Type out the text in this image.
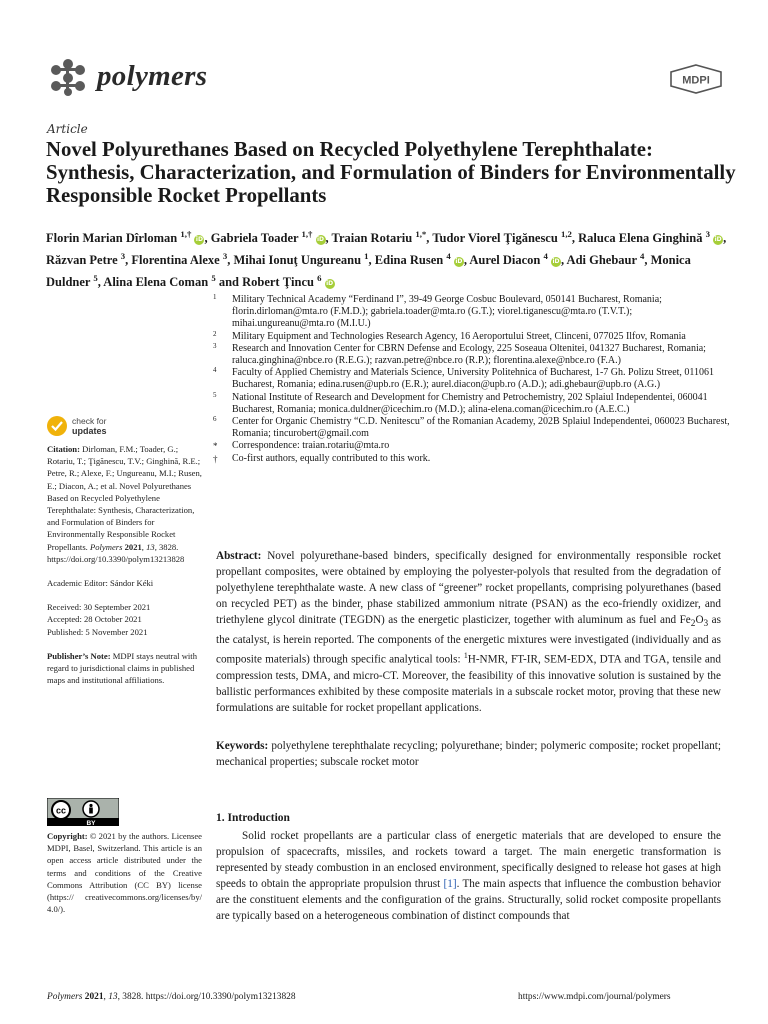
polymers	MDPI
Article
Novel Polyurethanes Based on Recycled Polyethylene Terephthalate: Synthesis, Characterization, and Formulation of Binders for Environmentally Responsible Rocket Propellants
Florin Marian Dîrloman $^{1,\dagger}$ iD, Gabriela Toader $^{1,\dagger}$ iD, Traian Rotariu $^{1,*}$, Tudor Viorel Ţigănescu $^{1,2}$, Raluca Elena Ginghină $^3$ iD, Răzvan Petre $^3$, Florentina Alexe $^3$, Mihai Ionuţ Ungureanu $^1$, Edina Rusen $^4$ iD, Aurel Diacon $^4$ iD, Adi Ghebaur $^4$, Monica Duldner $^5$, Alina Elena Coman $^5$ and Robert Ţincu $^6$ iD
1 Military Technical Academy “Ferdinand I”, 39-49 George Cosbuc Boulevard, 050141 Bucharest, Romania; florin.dirloman@mta.ro (F.M.D.); gabriela.toader@mta.ro (G.T.); viorel.tiganescu@mta.ro (T.V.T.); mihai.ungureanu@mta.ro (M.I.U.)
2 Military Equipment and Technologies Research Agency, 16 Aeroportului Street, Clinceni, 077025 Ilfov, Romania
3 Research and Innovation Center for CBRN Defense and Ecology, 225 Soseaua Oltenitei, 041327 Bucharest, Romania; raluca.ginghina@nbce.ro (R.E.G.); razvan.petre@nbce.ro (R.P.); florentina.alexe@nbce.ro (F.A.)
4 Faculty of Applied Chemistry and Materials Science, University Politehnica of Bucharest, 1-7 Gh. Polizu Street, 011061 Bucharest, Romania; edina.rusen@upb.ro (E.R.); aurel.diacon@upb.ro (A.D.); adi.ghebaur@upb.ro (A.G.)
5 National Institute of Research and Development for Chemistry and Petrochemistry, 202 Splaiul Independentei, 060041 Bucharest, Romania; monica.duldner@icechim.ro (M.D.); alina-elena.coman@icechim.ro (A.E.C.)
6 Center for Organic Chemistry “C.D. Nenitescu” of the Romanian Academy, 202B Splaiul Independentei, 060023 Bucharest, Romania; tincurobert@gmail.com
* Correspondence: traian.rotariu@mta.ro
† Co-first authors, equally contributed to this work.
check for
updates
Citation: Dirloman, F.M.; Toader, G.; Rotariu, T.; Ţigănescu, T.V.; Ginghină, R.E.; Petre, R.; Alexe, F.; Ungureanu, M.I.; Rusen, E.; Diacon, A.; et al. Novel Polyurethanes Based on Recycled Polyethylene Terephthalate: Synthesis, Characterization, and Formulation of Binders for Environmentally Responsible Rocket Propellants. Polymers 2021, 13, 3828. https://doi.org/10.3390/polym13213828
Academic Editor: Sándor Kéki
Received: 30 September 2021
Accepted: 28 October 2021
Published: 5 November 2021
Publisher’s Note: MDPI stays neutral with regard to jurisdictional claims in published maps and institutional affiliations.
cc
BY
Copyright: © 2021 by the authors. Licensee MDPI, Basel, Switzerland. This article is an open access article distributed under the terms and conditions of the Creative Commons Attribution (CC BY) license (https:// creativecommons.org/licenses/by/ 4.0/).
Abstract: Novel polyurethane-based binders, specifically designed for environmentally responsible rocket propellant composites, were obtained by employing the polyester-polyols that resulted from the degradation of polyethylene terephthalate waste. A new class of “greener” rocket propellants, comprising polyurethanes (based on recycled PET) as the binder, phase stabilized ammonium nitrate (PSAN) as the eco-friendly oxidizer, and triethylene glycol dinitrate (TEGDN) as the energetic plasticizer, together with aluminum as fuel and $Fe_2O_3$ as the catalyst, is herein reported. The components of the energetic mixtures were investigated (individually and as composite materials) through specific analytical tools: $^1$H-NMR, FT-IR, SEM-EDX, DTA and TGA, tensile and compression tests, DMA, and micro-CT. Moreover, the feasibility of this innovative solution is sustained by the ballistic performances exhibited by these composite materials in a subscale rocket motor, proving that these new formulations are suitable for rocket propellant applications.
Keywords: polyethylene terephthalate recycling; polyurethane; binder; polymeric composite; rocket propellant; mechanical properties; subscale rocket motor
1. Introduction
Solid rocket propellants are a particular class of energetic materials that are developed to ensure the propulsion of spacecrafts, missiles, and rockets toward a target. The main energetic transformation is represented by steady combustion in an enclosed environment, specifically designed to release hot gases at high speeds to obtain the appropriate propulsion thrust [1]. The main aspects that influence the combustion behavior are the constituent elements and the configuration of the grains. Structurally, solid rocket composite propellants are typically based on a heterogeneous combination of distinct compounds that
Polymers 2021, 13, 3828. https://doi.org/10.3390/polym13213828	https://www.mdpi.com/journal/polymers
